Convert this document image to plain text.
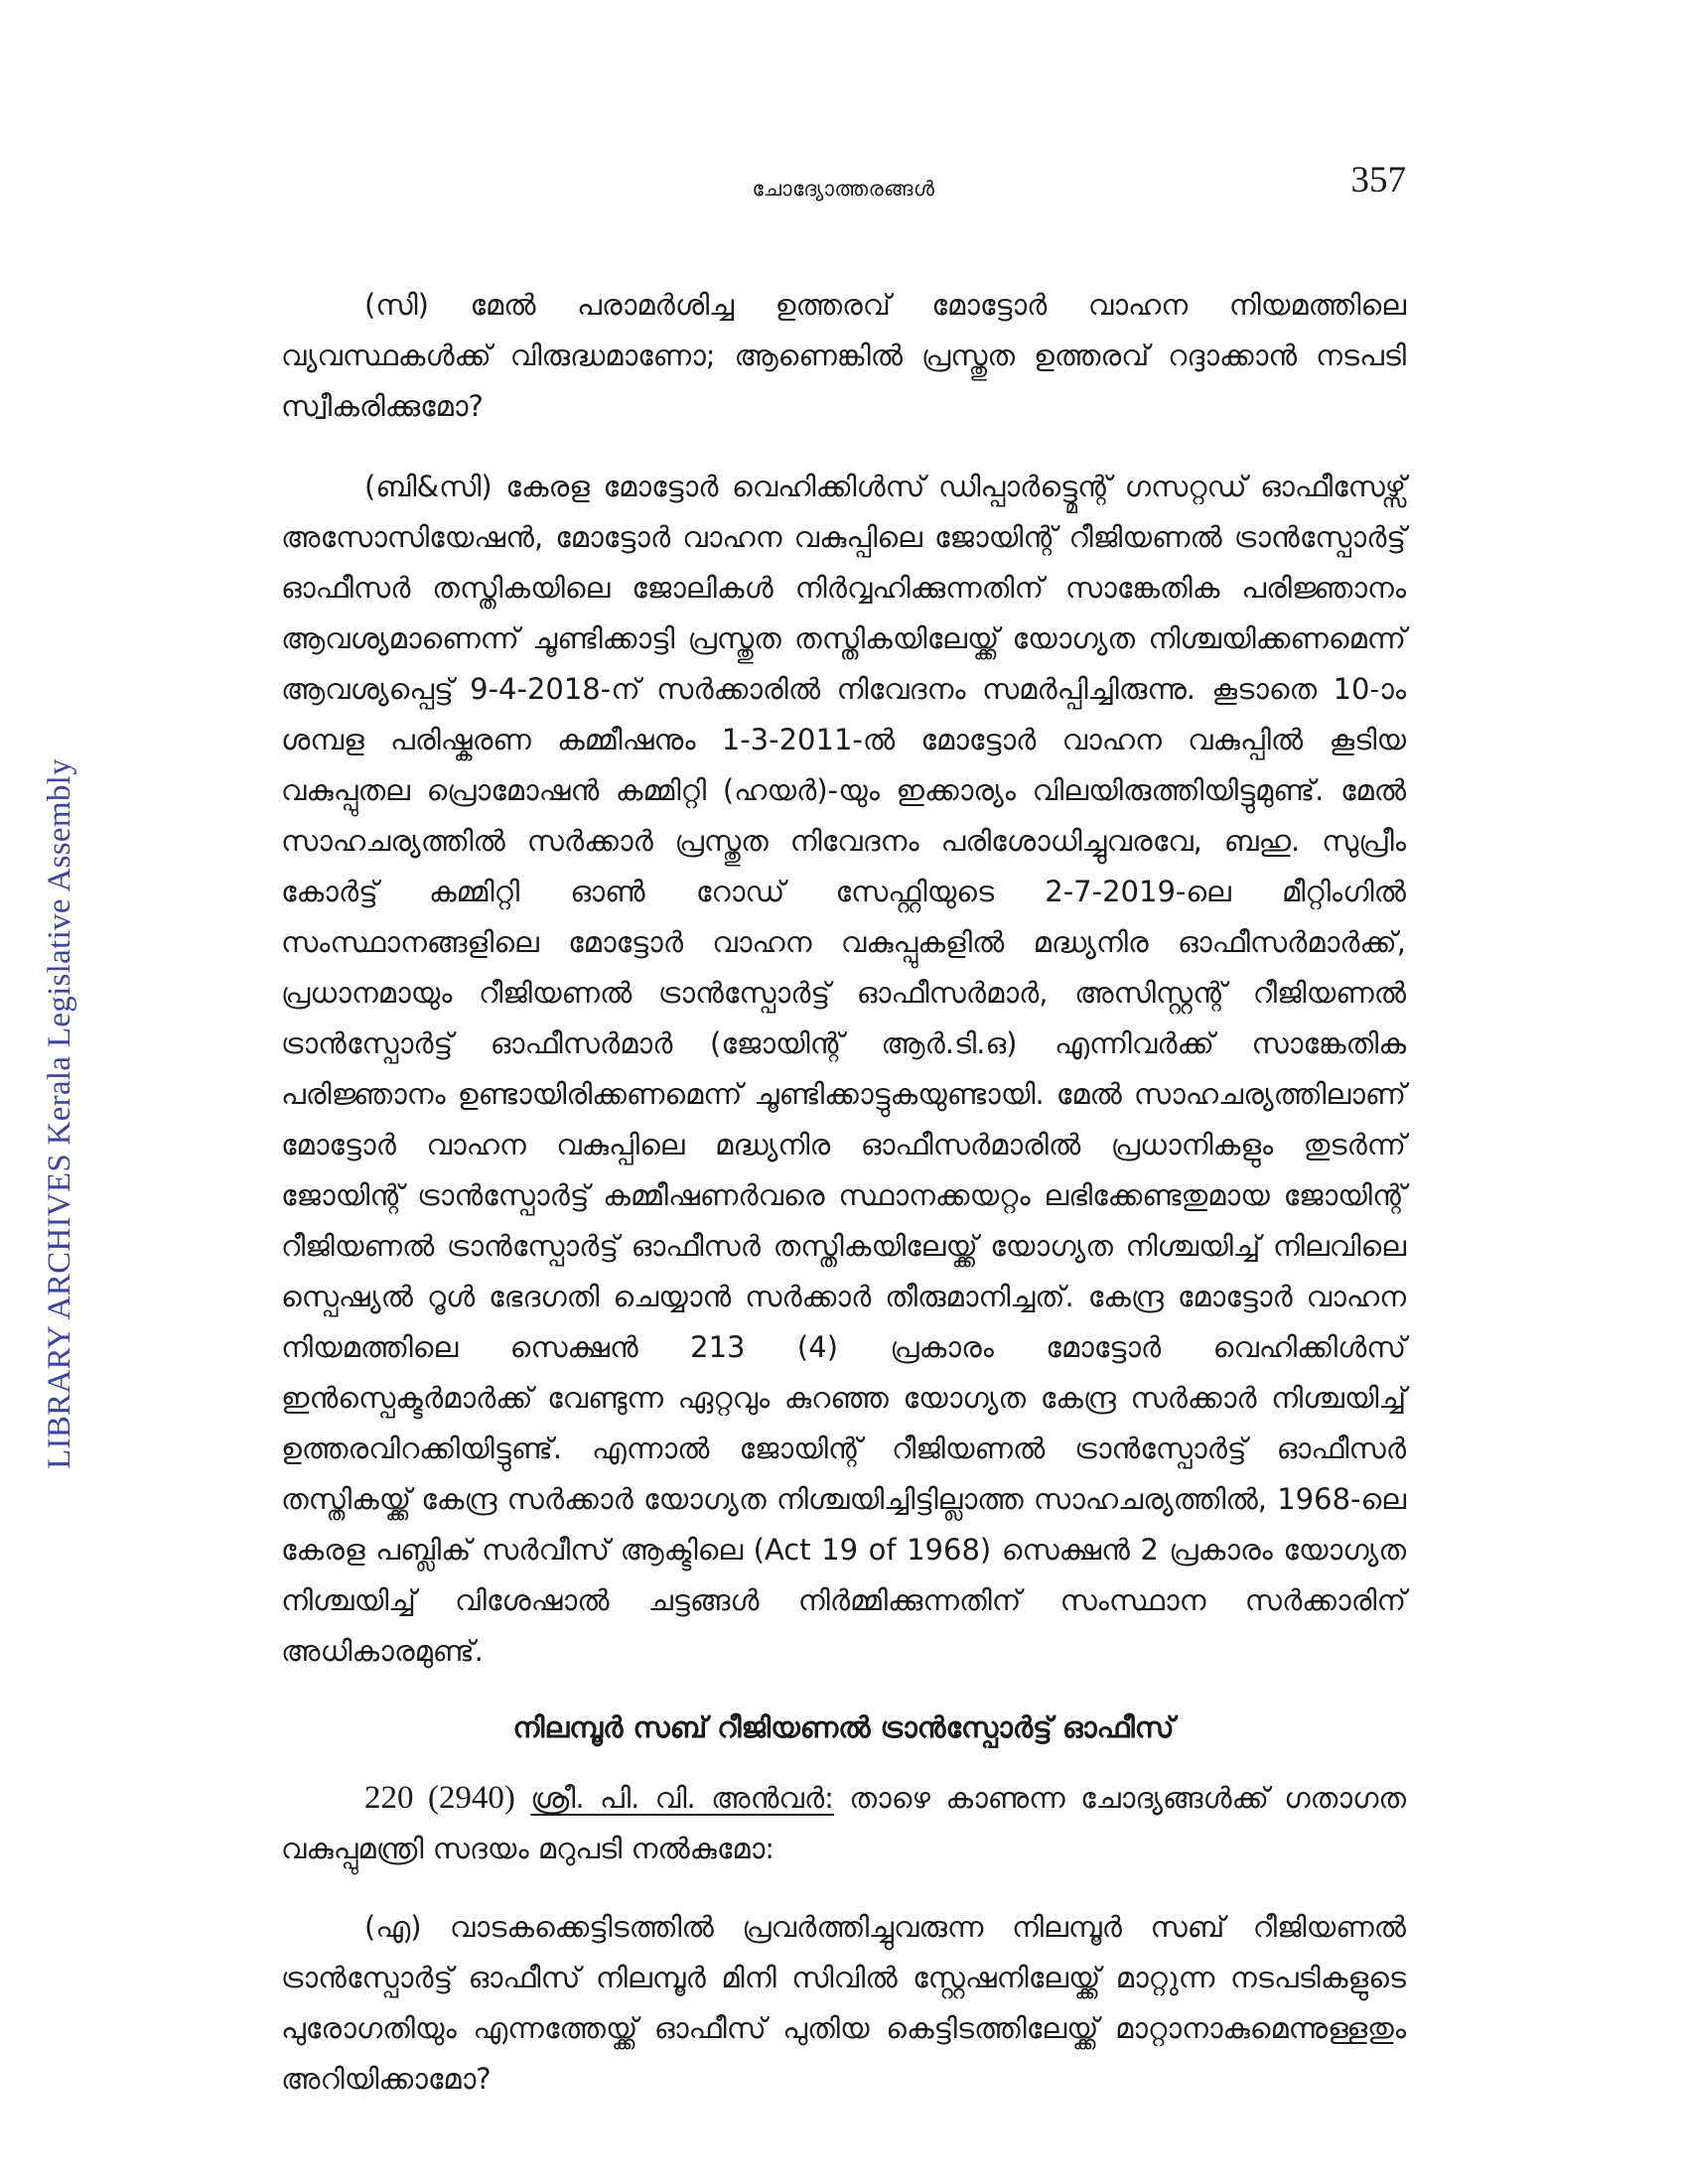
LIBRARY ARCHIVES Kerala Legislative Assembly
ചോദ്യോത്തരങ്ങൾ	357

(സി) മേൽ പരാമർശിച്ച ഉത്തരവ് മോട്ടോർ വാഹന നിയമത്തിലെ വ്യവസ്ഥകൾക്ക് വിരുദ്ധമാണോ; ആണെങ്കിൽ പ്രസ്തുത ഉത്തരവ് റദ്ദാക്കാൻ നടപടി സ്വീകരിക്കുമോ?

(ബി&സി) കേരള മോട്ടോർ വെഹിക്കിൾസ് ഡിപ്പാർട്ട്മെന്റ് ഗസറ്റഡ് ഓഫീസേഴ്സ് അസോസിയേഷൻ, മോട്ടോർ വാഹന വകുപ്പിലെ ജോയിന്റ് റീജിയണൽ ട്രാൻസ്പോർട്ട് ഓഫീസർ തസ്തികയിലെ ജോലികൾ നിർവ്വഹിക്കുന്നതിന് സാങ്കേതിക പരിജ്ഞാനം ആവശ്യമാണെന്ന് ചൂണ്ടിക്കാട്ടി പ്രസ്തുത തസ്തികയിലേയ്ക്ക് യോഗ്യത നിശ്ചയിക്കണമെന്ന് ആവശ്യപ്പെട്ട് 9-4-2018-ന് സർക്കാരിൽ നിവേദനം സമർപ്പിച്ചിരുന്നു. കൂടാതെ 10-ാം ശമ്പള പരിഷ്കരണ കമ്മീഷനും 1-3-2011-ൽ മോട്ടോർ വാഹന വകുപ്പിൽ കൂടിയ വകുപ്പുതല പ്രൊമോഷൻ കമ്മിറ്റി (ഹയർ)-യും ഇക്കാര്യം വിലയിരുത്തിയിട്ടുമുണ്ട്. മേൽ സാഹചര്യത്തിൽ സർക്കാർ പ്രസ്തുത നിവേദനം പരിശോധിച്ചുവരവേ, ബഹു. സുപ്രീം കോർട്ട് കമ്മിറ്റി ഓൺ റോഡ് സേഫ്റ്റിയുടെ 2-7-2019-ലെ മീറ്റിംഗിൽ സംസ്ഥാനങ്ങളിലെ മോട്ടോർ വാഹന വകുപ്പുകളിൽ മദ്ധ്യനിര ഓഫീസർമാർക്ക്, പ്രധാനമായും റീജിയണൽ ട്രാൻസ്പോർട്ട് ഓഫീസർമാർ, അസിസ്റ്റന്റ് റീജിയണൽ ട്രാൻസ്പോർട്ട് ഓഫീസർമാർ (ജോയിന്റ് ആർ.ടി.ഒ) എന്നിവർക്ക് സാങ്കേതിക പരിജ്ഞാനം ഉണ്ടായിരിക്കണമെന്ന് ചൂണ്ടിക്കാട്ടുകയുണ്ടായി. മേൽ സാഹചര്യത്തിലാണ് മോട്ടോർ വാഹന വകുപ്പിലെ മദ്ധ്യനിര ഓഫീസർമാരിൽ പ്രധാനികളും തുടർന്ന് ജോയിന്റ് ട്രാൻസ്പോർട്ട് കമ്മീഷണർവരെ സ്ഥാനക്കയറ്റം ലഭിക്കേണ്ടതുമായ ജോയിന്റ് റീജിയണൽ ട്രാൻസ്പോർട്ട് ഓഫീസർ തസ്തികയിലേയ്ക്ക് യോഗ്യത നിശ്ചയിച്ച് നിലവിലെ സ്പെഷ്യൽ റൂൾ ഭേദഗതി ചെയ്യാൻ സർക്കാർ തീരുമാനിച്ചത്. കേന്ദ്ര മോട്ടോർ വാഹന നിയമത്തിലെ സെക്ഷൻ 213 (4) പ്രകാരം മോട്ടോർ വെഹിക്കിൾസ് ഇൻസ്പെക്ടർമാർക്ക് വേണ്ടുന്ന ഏറ്റവും കുറഞ്ഞ യോഗ്യത കേന്ദ്ര സർക്കാർ നിശ്ചയിച്ച് ഉത്തരവിറക്കിയിട്ടുണ്ട്. എന്നാൽ ജോയിന്റ് റീജിയണൽ ട്രാൻസ്പോർട്ട് ഓഫീസർ തസ്തികയ്ക്ക് കേന്ദ്ര സർക്കാർ യോഗ്യത നിശ്ചയിച്ചിട്ടില്ലാത്ത സാഹചര്യത്തിൽ, 1968-ലെ കേരള പബ്ലിക് സർവീസ് ആക്ടിലെ (Act 19 of 1968) സെക്ഷൻ 2 പ്രകാരം യോഗ്യത നിശ്ചയിച്ച് വിശേഷാൽ ചട്ടങ്ങൾ നിർമ്മിക്കുന്നതിന് സംസ്ഥാന സർക്കാരിന് അധികാരമുണ്ട്.

നിലമ്പൂർ സബ് റീജിയണൽ ട്രാൻസ്പോർട്ട് ഓഫീസ്

220 (2940) ശ്രീ. പി. വി. അൻവർ: താഴെ കാണുന്ന ചോദ്യങ്ങൾക്ക് ഗതാഗത വകുപ്പുമന്ത്രി സദയം മറുപടി നൽകുമോ:

(എ) വാടകക്കെട്ടിടത്തിൽ പ്രവർത്തിച്ചുവരുന്ന നിലമ്പൂർ സബ് റീജിയണൽ ട്രാൻസ്പോർട്ട് ഓഫീസ് നിലമ്പൂർ മിനി സിവിൽ സ്റ്റേഷനിലേയ്ക്ക് മാറ്റുന്ന നടപടികളുടെ പുരോഗതിയും എന്നത്തേയ്ക്ക് ഓഫീസ് പുതിയ കെട്ടിടത്തിലേയ്ക്ക് മാറ്റാനാകുമെന്നുള്ളതും അറിയിക്കാമോ?
